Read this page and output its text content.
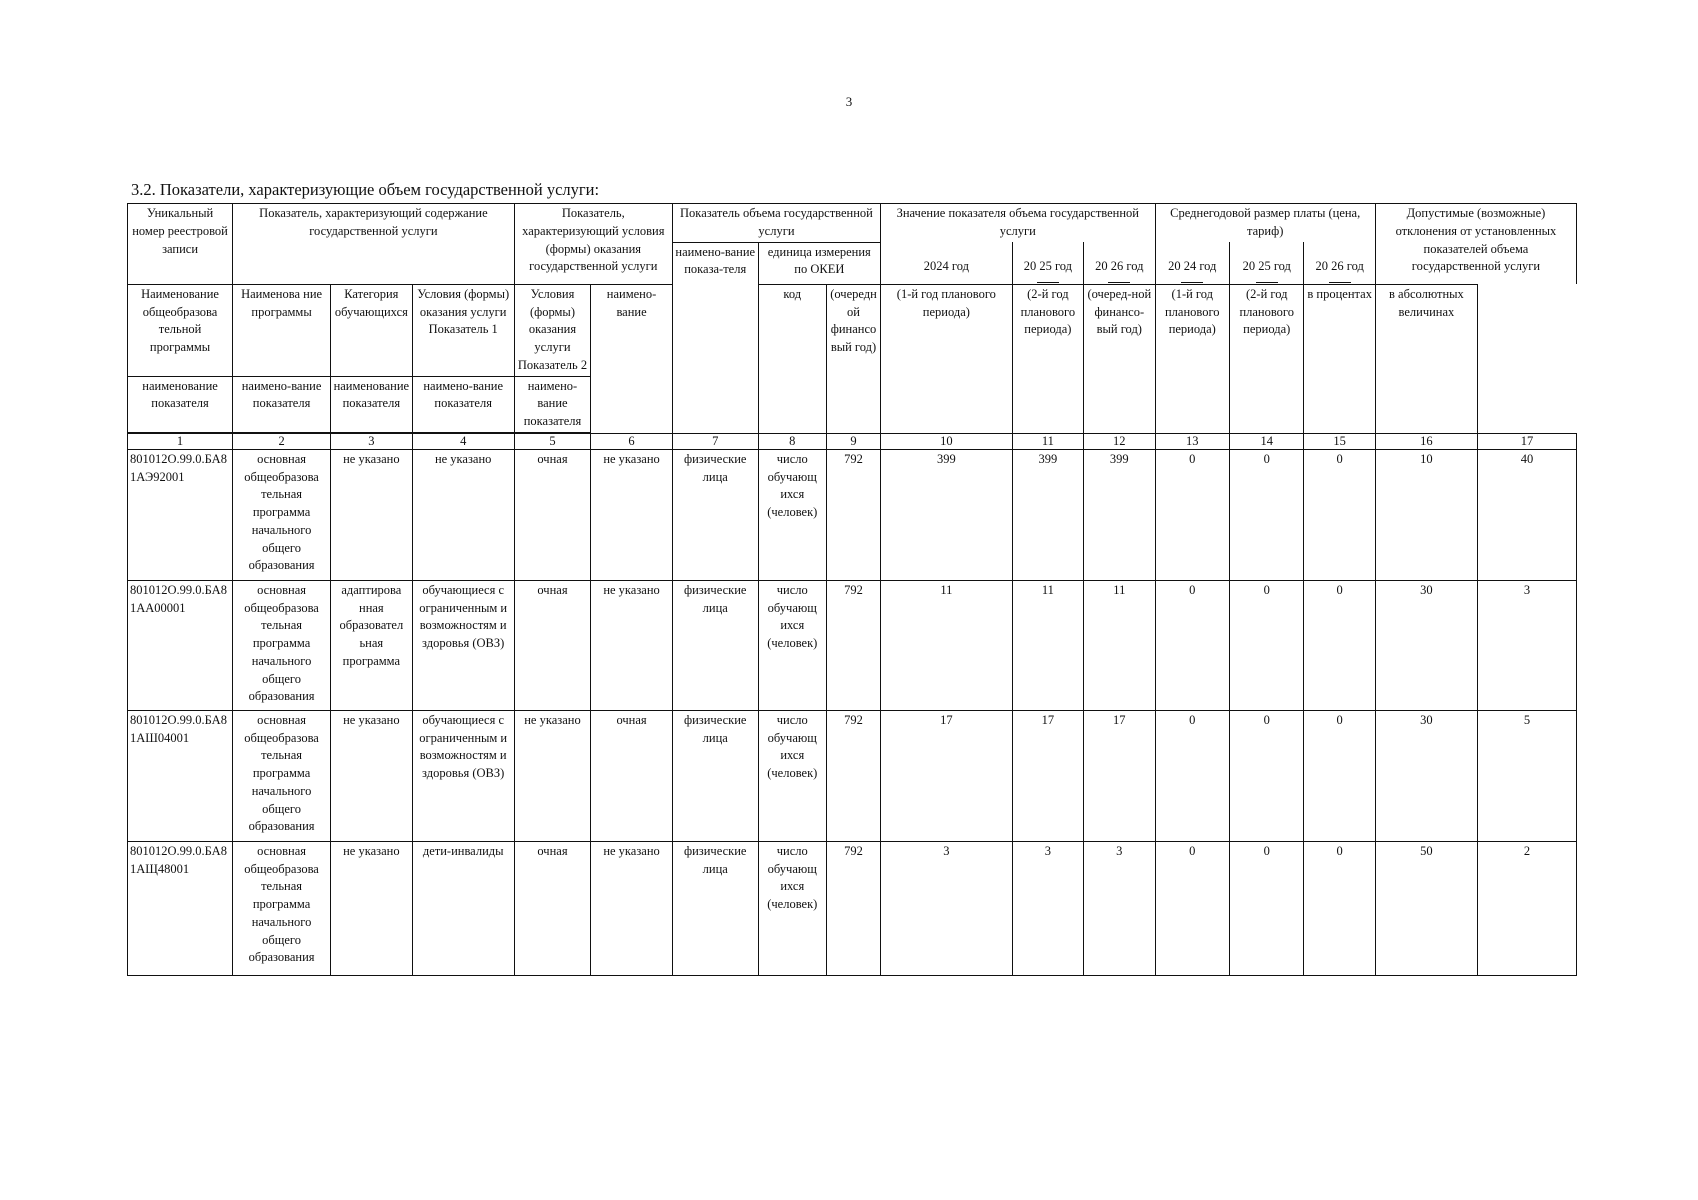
3
3.2. Показатели, характеризующие объем государственной услуги:
Уникальный номер реестровой записи	Показатель, характеризующий содержание государственной услуги			Показатель, характеризующий условия (формы) оказания государственной услуги		Показатель объема государственной услуги			Значение показателя объема государственной услуги			Среднегодовой размер платы (цена, тариф)			Допустимые (возможные) отклонения от установленных показателей объема государственной услуги	
						наимено-вание показа-теля	единица измерения по ОКЕИ		2024 год	20 25 год	20 26 год	20 24 год	20 25 год	20 26 год		

Наименование общеобразова тельной программы	Наименова ние программы	Категория обучающихся	Условия (формы) оказания услуги Показатель 1	Условия (формы) оказания услуги Показатель 2	наимено-вание		код	(очередной финансовый год)	(1-й год планового периода)	(2-й год планового периода)	(очеред-ной финансо-вый год)	(1-й год планового периода)	(2-й год планового периода)	в процентах	в абсолютных величинах	
наименование показателя	наимено-вание показателя	наименование показателя	наимено-вание показателя	наимено-вание показателя												

1	2	3	4	5	6	7	8	9	10	11	12	13	14	15	16	17
801012О.99.0.БА81АЭ92001	основная общеобразова тельная программа начального общего образования	не указано	не указано	очная	не указано	физические лица	число обучающ ихся (человек)	792	399	399	399	0	0	0	10	40
801012О.99.0.БА81АА00001	основная общеобразова тельная программа начального общего образования	адаптирова нная образовател ьная программа	обучающиеся с ограниченным и возможностям и здоровья (ОВЗ)	очная	не указано	физические лица	число обучающ ихся (человек)	792	11	11	11	0	0	0	30	3
801012О.99.0.БА81АШ04001	основная общеобразова тельная программа начального общего образования	не указано	обучающиеся с ограниченным и возможностям и здоровья (ОВЗ)	не указано	очная	физические лица	число обучающ ихся (человек)	792	17	17	17	0	0	0	30	5
801012О.99.0.БА81АЩ48001	основная общеобразова тельная программа начального общего образования	не указано	дети-инвалиды	очная	не указано	физические лица	число обучающ ихся (человек)	792	3	3	3	0	0	0	50	2
